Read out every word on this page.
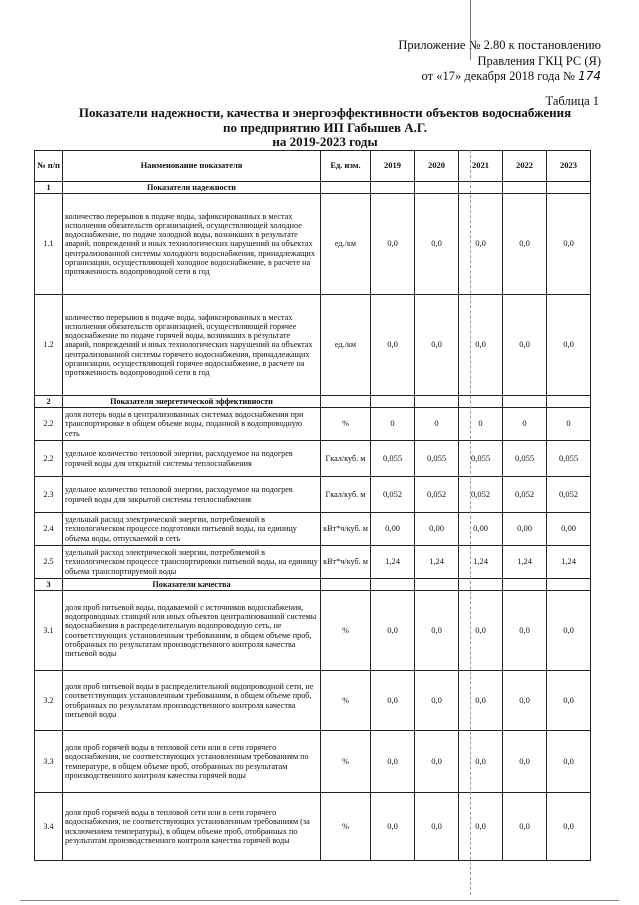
Приложение № 2.80 к постановлению
Правления ГКЦ РС (Я)
от «17» декабря 2018 года № 174
Таблица 1
Показатели надежности, качества и энергоэффективности объектов водоснабжения
по предприятию ИП Габышев А.Г.
на 2019-2023 годы
№ п/п	Наименование показателя	Ед. изм.	2019	2020	2021	2022	2023
1	Показатели надежности						
1.1	количество перерывов в подаче воды, зафиксированных в местах исполнения обязательств организацией, осуществляющей холодное водоснабжение, по подаче холодной воды, возникших в результате аварий, повреждений и иных технологических нарушений на объектах централизованной системы холодного водоснабжения, принадлежащих организации, осуществляющей холодное водоснабжение, в расчете на протяженность водопроводной сети в год	ед./км	0,0	0,0	0,0	0,0	0,0
1.2	количество перерывов в подаче воды, зафиксированных в местах исполнения обязательств организацией, осуществляющей горячее водоснабжение по подаче горячей воды, возникших в результате аварий, повреждений и иных технологических нарушений на объектах централизованной системы горячего водоснабжения, принадлежащих организации, осуществляющей горячее водоснабжение, в расчете на протяженность водопроводной сети в год	ед./км	0,0	0,0	0,0	0,0	0,0
2	Показатели энергетической эффективности						
2.2	доля потерь воды в централизованных системах водоснабжения при транспортировке в общем объеме воды, поданной в водопроводную сеть	%	0	0	0	0	0
2.2	удельное количество тепловой энергии, расходуемое на подогрев горячей воды для открытой системы теплоснабжения	Гкал/куб. м	0,055	0,055	0,055	0,055	0,055
2.3	удельное количество тепловой энергии, расходуемое на подогрев горячей воды для закрытой системы теплоснабжения	Гкал/куб. м	0,052	0,052	0,052	0,052	0,052
2.4	удельный расход электрической энергии, потребляемой в технологическом процессе подготовки питьевой воды, на единицу объема воды, отпускаемой в сеть	кВт*ч/куб. м	0,00	0,00	0,00	0,00	0,00
2.5	удельный расход электрической энергии, потребляемой в технологическом процессе транспортировки питьевой воды, на единицу объема транспортируемой воды	кВт*ч/куб. м	1,24	1,24	1,24	1,24	1,24
3	Показатели качества						
3.1	доля проб питьевой воды, подаваемой с источников водоснабжения, водопроводных станций или иных объектов централизованной системы водоснабжения в распределительную водопроводную сеть, не соответствующих установленным требованиям, в общем объеме проб, отобранных по результатам производственного контроля качества питьевой воды	%	0,0	0,0	0,0	0,0	0,0
3.2	доля проб питьевой воды в распределительной водопроводной сети, не соответствующих установленным требованиям, в общем объеме проб, отобранных по результатам производственного контроля качества питьевой воды	%	0,0	0,0	0,0	0,0	0,0
3.3	доля проб горячей воды в тепловой сети или в сети горячего водоснабжения, не соответствующих установленным требованиям по температуре, в общем объеме проб, отобранных по результатам производственного контроля качества горячей воды	%	0,0	0,0	0,0	0,0	0,0
3.4	доля проб горячей воды в тепловой сети или в сети горячего водоснабжения, не соответствующих установленным требованиям (за исключением температуры), в общем объеме проб, отобранных по результатам производственного контроля качества горячей воды	%	0,0	0,0	0,0	0,0	0,0
